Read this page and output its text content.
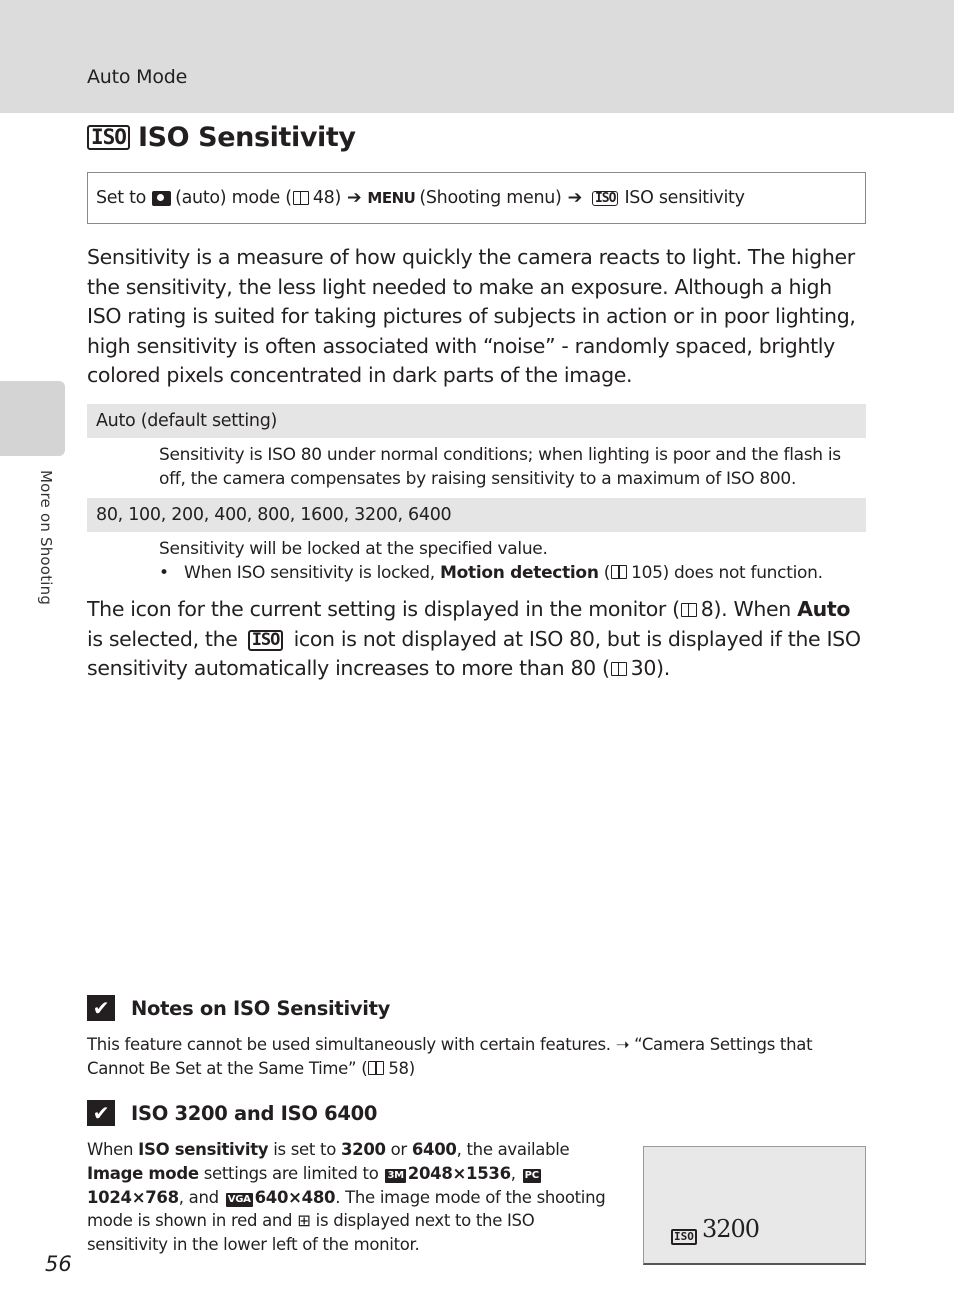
Auto Mode
More on Shooting
ISO ISO Sensitivity
Set to (auto) mode ( 48) ➔ MENU (Shooting menu) ➔ ISO ISO sensitivity
Sensitivity is a measure of how quickly the camera reacts to light. The higher the sensitivity, the less light needed to make an exposure. Although a high ISO rating is suited for taking pictures of subjects in action or in poor lighting, high sensitivity is often associated with “noise” - randomly spaced, brightly colored pixels concentrated in dark parts of the image.
Auto (default setting)
Sensitivity is ISO 80 under normal conditions; when lighting is poor and the flash is off, the camera compensates by raising sensitivity to a maximum of ISO 800.
80, 100, 200, 400, 800, 1600, 3200, 6400
Sensitivity will be locked at the specified value.
•   When ISO sensitivity is locked, Motion detection ( 105) does not function.
The icon for the current setting is displayed in the monitor ( 8). When Auto is selected, the ISO icon is not displayed at ISO 80, but is displayed if the ISO sensitivity automatically increases to more than 80 ( 30).
✔ Notes on ISO Sensitivity
This feature cannot be used simultaneously with certain features. ➝ “Camera Settings that Cannot Be Set at the Same Time” ( 58)
✔ ISO 3200 and ISO 6400
When ISO sensitivity is set to 3200 or 6400, the available Image mode settings are limited to 3M 2048×1536, PC1024×768, and VGA 640×480. The image mode of the shooting mode is shown in red and ⊞ is displayed next to the ISO sensitivity in the lower left of the monitor.	ISO 3200
56
